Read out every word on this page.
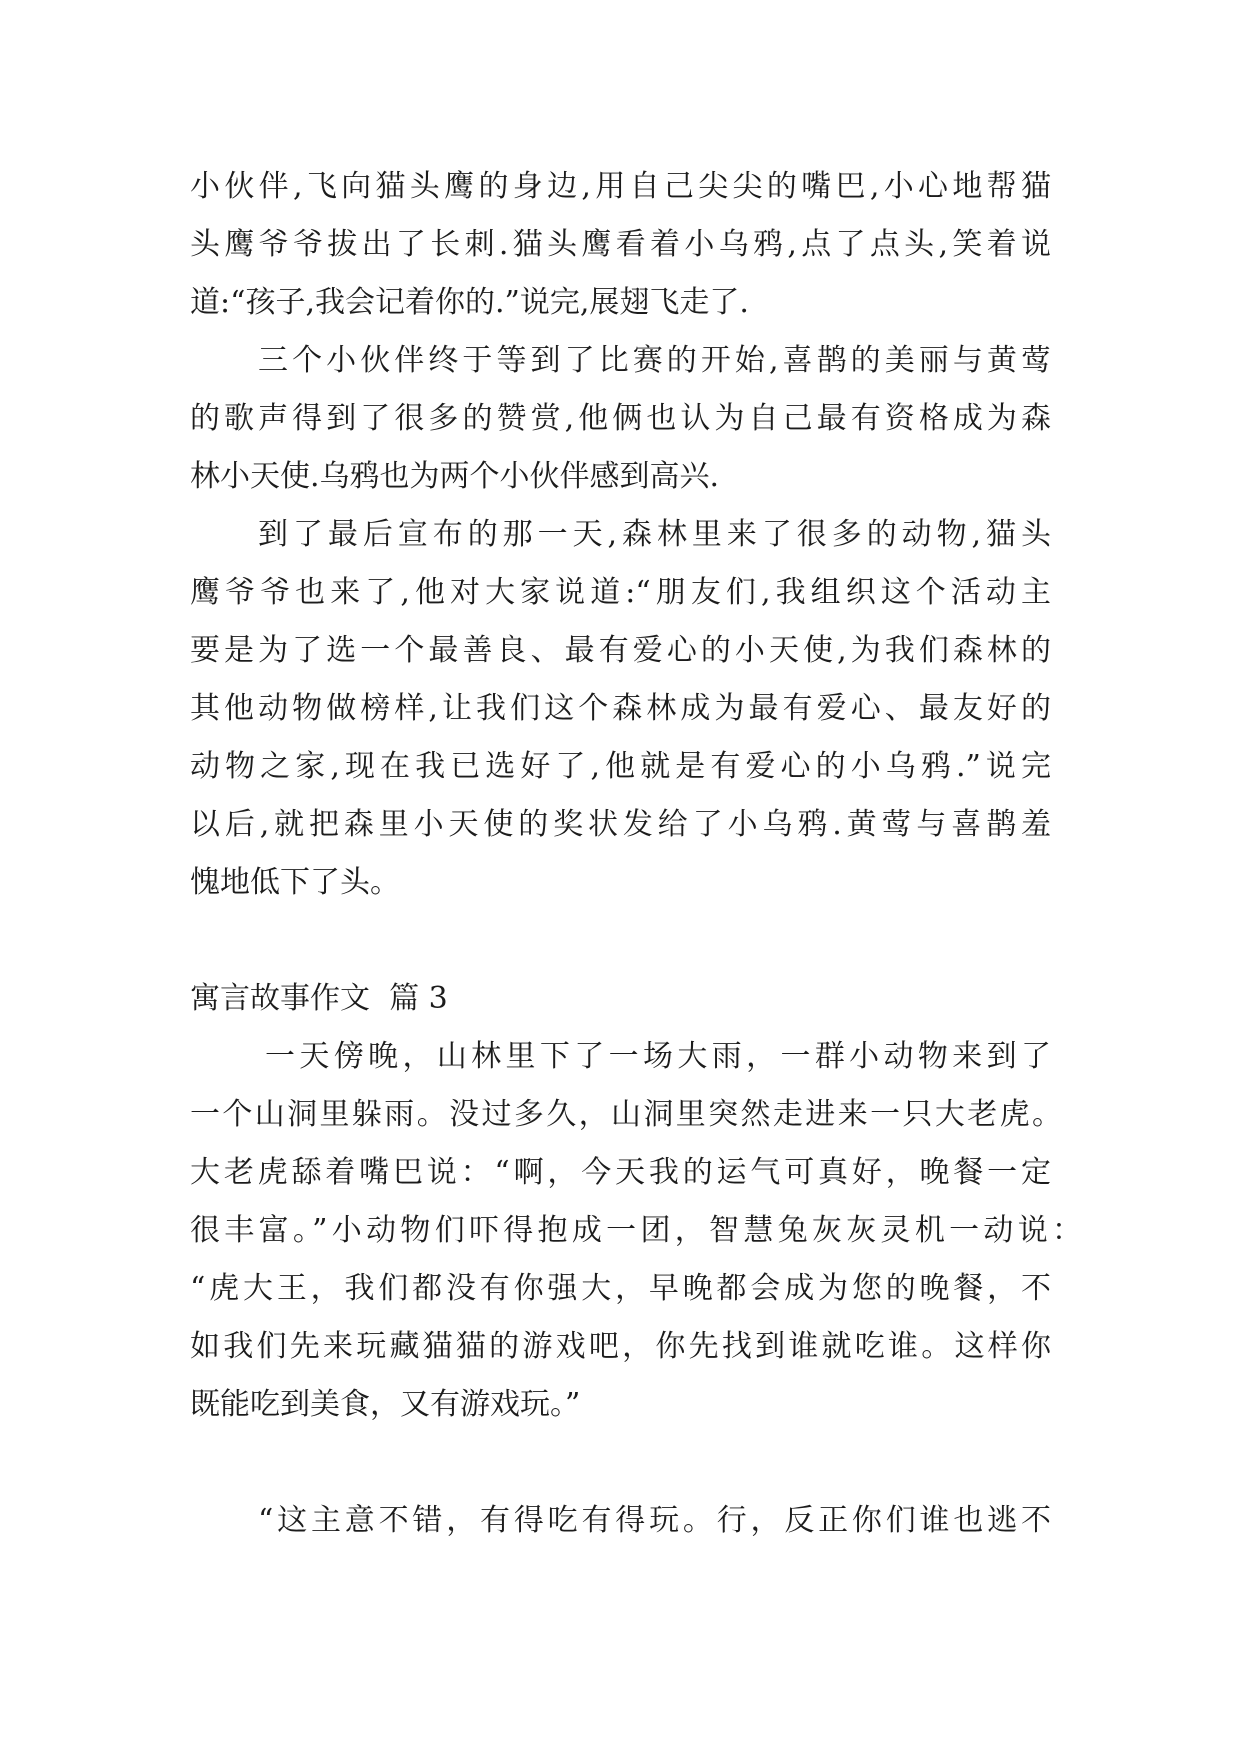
小伙伴,飞向猫头鹰的身边,用自己尖尖的嘴巴,小心地帮猫
头鹰爷爷拔出了长刺.猫头鹰看着小乌鸦,点了点头,笑着说
道:“孩子,我会记着你的.”说完,展翅飞走了.
三个小伙伴终于等到了比赛的开始,喜鹊的美丽与黄莺
的歌声得到了很多的赞赏,他俩也认为自己最有资格成为森
林小天使.乌鸦也为两个小伙伴感到高兴.
到了最后宣布的那一天,森林里来了很多的动物,猫头
鹰爷爷也来了,他对大家说道:“朋友们,我组织这个活动主
要是为了选一个最善良、最有爱心的小天使,为我们森林的
其他动物做榜样,让我们这个森林成为最有爱心、最友好的
动物之家,现在我已选好了,他就是有爱心的小乌鸦.”说完
以后,就把森里小天使的奖状发给了小乌鸦.黄莺与喜鹊羞
愧地低下了头。
寓言故事作文  篇 3
一天傍晚，山林里下了一场大雨，一群小动物来到了
一个山洞里躲雨。没过多久，山洞里突然走进来一只大老虎。
大老虎舔着嘴巴说：“啊，今天我的运气可真好，晚餐一定
很丰富。”小动物们吓得抱成一团，智慧兔灰灰灵机一动说：
“虎大王，我们都没有你强大，早晚都会成为您的晚餐，不
如我们先来玩藏猫猫的游戏吧，你先找到谁就吃谁。这样你
既能吃到美食，又有游戏玩。”
“这主意不错，有得吃有得玩。行，反正你们谁也逃不
